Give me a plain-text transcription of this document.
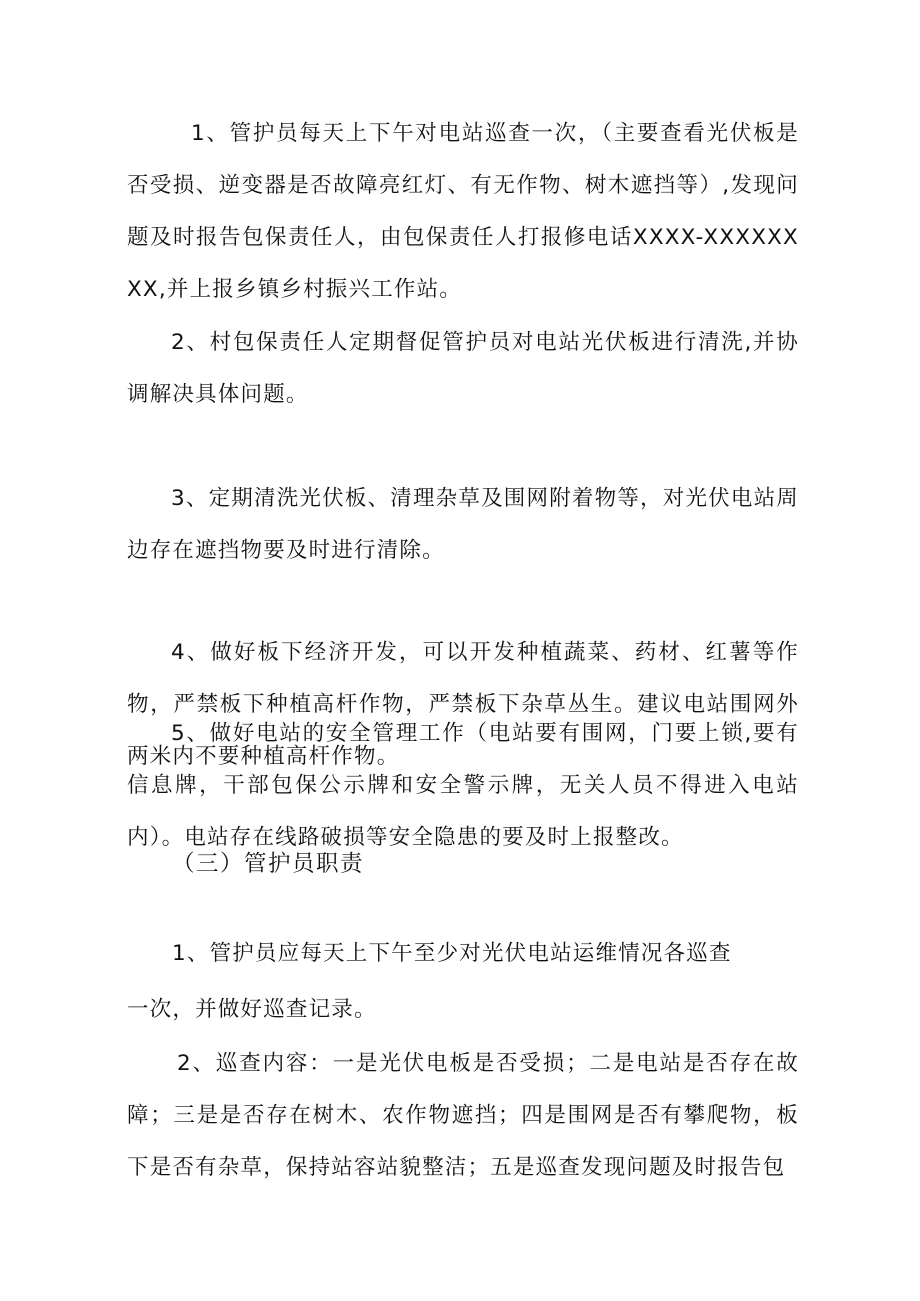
1、管护员每天上下午对电站巡查一次，（主要查看光伏板是否受损、逆变器是否故障亮红灯、有无作物、树木遮挡等）,发现问题及时报告包保责任人，由包保责任人打报修电话XXXX-XXXXXXXX,并上报乡镇乡村振兴工作站。

2、村包保责任人定期督促管护员对电站光伏板进行清洗,并协调解决具体问题。

3、定期清洗光伏板、清理杂草及围网附着物等，对光伏电站周边存在遮挡物要及时进行清除。

4、做好板下经济开发，可以开发种植蔬菜、药材、红薯等作物，严禁板下种植高杆作物，严禁板下杂草丛生。建议电站围网外两米内不要种植高杆作物。

5、做好电站的安全管理工作（电站要有围网，门要上锁,要有信息牌，干部包保公示牌和安全警示牌，无关人员不得进入电站内）。电站存在线路破损等安全隐患的要及时上报整改。

（三）管护员职责

1、管护员应每天上下午至少对光伏电站运维情况各巡查

一次，并做好巡查记录。

2、巡查内容：一是光伏电板是否受损；二是电站是否存在故障；三是是否存在树木、农作物遮挡；四是围网是否有攀爬物，板下是否有杂草，保持站容站貌整洁；五是巡查发现问题及时报告包
